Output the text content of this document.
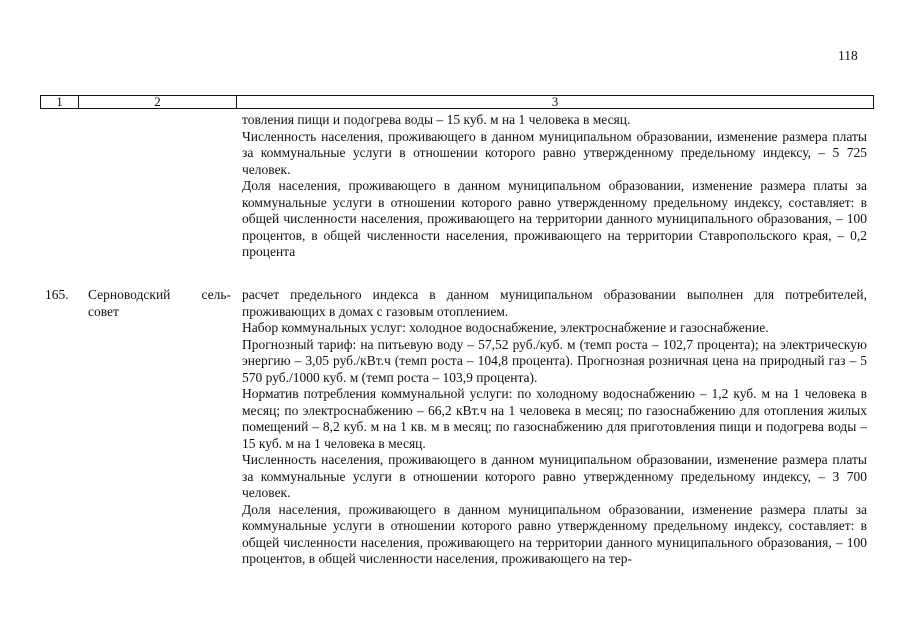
118
1	2	3

товления пищи и подогрева воды – 15 куб. м на 1 человека в месяц.

Численность населения, проживающего в данном муниципальном образовании, изменение размера платы за коммунальные услуги в отношении которого равно утвержденному предельному индексу, – 5 725 человек.

Доля населения, проживающего в данном муниципальном образовании, изменение размера платы за коммунальные услуги в отношении которого равно утвержденному предельному индексу, составляет: в общей численности населения, проживающего на территории данного муниципального образования, – 100 процентов, в общей численности населения, проживающего на территории Ставропольского края, – 0,2 процента

165. Серноводский сель-
совет

расчет предельного индекса в данном муниципальном образовании выполнен для потребителей, проживающих в домах с газовым отоплением.

Набор коммунальных услуг: холодное водоснабжение, электроснабжение и газоснабжение.

Прогнозный тариф: на питьевую воду – 57,52 руб./куб. м (темп роста – 102,7 процента); на электрическую энергию – 3,05 руб./кВт.ч (темп роста – 104,8 процента). Прогнозная розничная цена на природный газ – 5 570 руб./1000 куб. м (темп роста – 103,9 процента).

Норматив потребления коммунальной услуги: по холодному водоснабжению – 1,2 куб. м на 1 человека в месяц; по электроснабжению – 66,2 кВт.ч на 1 человека в месяц; по газоснабжению для отопления жилых помещений – 8,2 куб. м на 1 кв. м в месяц; по газоснабжению для приготовления пищи и подогрева воды – 15 куб. м на 1 человека в месяц.

Численность населения, проживающего в данном муниципальном образовании, изменение размера платы за коммунальные услуги в отношении которого равно утвержденному предельному индексу, – 3 700 человек.

Доля населения, проживающего в данном муниципальном образовании, изменение размера платы за коммунальные услуги в отношении которого равно утвержденному предельному индексу, составляет: в общей численности населения, проживающего на территории данного муниципального образования, – 100 процентов, в общей численности населения, проживающего на тер-
